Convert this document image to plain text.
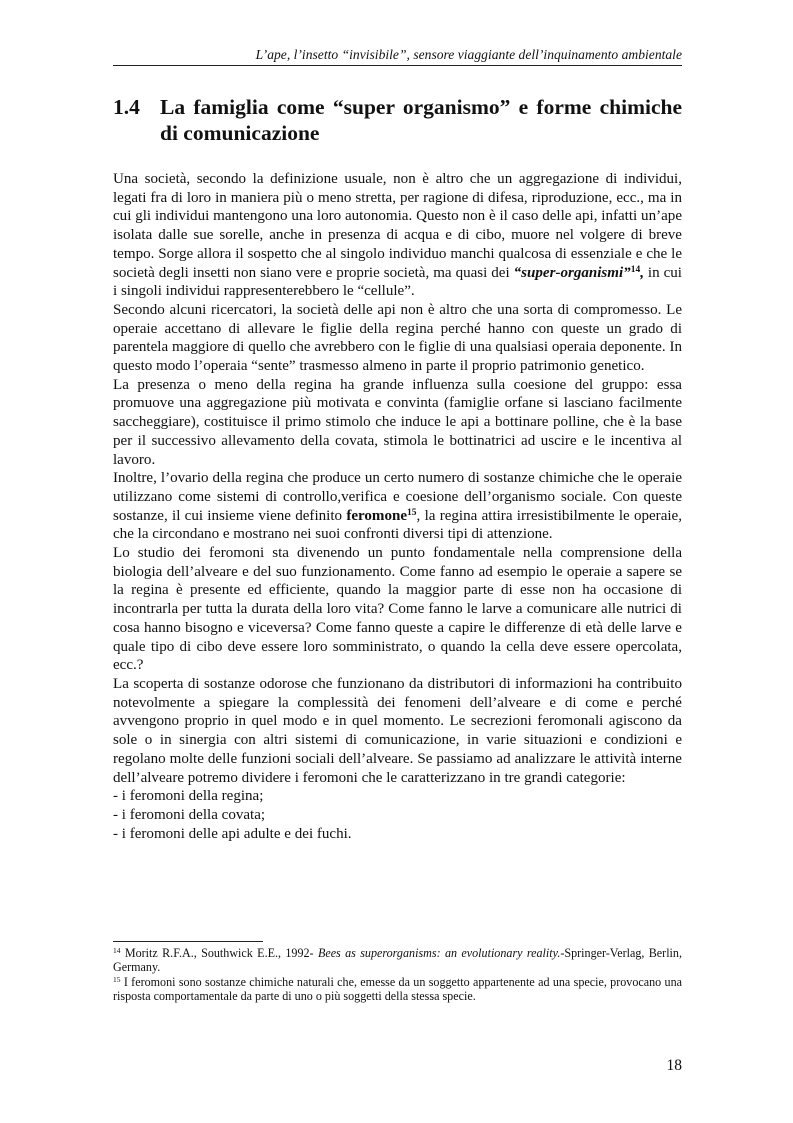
L’ape, l’insetto “invisibile”, sensore viaggiante dell’inquinamento ambientale
1.4 La famiglia come “super organismo” e forme chimiche di comunicazione

Una società, secondo la definizione usuale, non è altro che un aggregazione di individui, legati fra di loro in maniera più o meno stretta, per ragione di difesa, riproduzione, ecc., ma in cui gli individui mantengono una loro autonomia. Questo non è il caso delle api, infatti un’ape isolata dalle sue sorelle, anche in presenza di acqua e di cibo, muore nel volgere di breve tempo. Sorge allora il sospetto che al singolo individuo manchi qualcosa di essenziale e che le società degli insetti non siano vere e proprie società, ma quasi dei “super-organismi”$^{14}$, in cui i singoli individui rappresenterebbero le “cellule”.

Secondo alcuni ricercatori, la società delle api non è altro che una sorta di compromesso. Le operaie accettano di allevare le figlie della regina perché hanno con queste un grado di parentela maggiore di quello che avrebbero con le figlie di una qualsiasi operaia deponente. In questo modo l’operaia “sente” trasmesso almeno in parte il proprio patrimonio genetico.

La presenza o meno della regina ha grande influenza sulla coesione del gruppo: essa promuove una aggregazione più motivata e convinta (famiglie orfane si lasciano facilmente saccheggiare), costituisce il primo stimolo che induce le api a bottinare polline, che è la base per il successivo allevamento della covata, stimola le bottinatrici ad uscire e le incentiva al lavoro.

Inoltre, l’ovario della regina che produce un certo numero di sostanze chimiche che le operaie utilizzano come sistemi di controllo,verifica e coesione dell’organismo sociale. Con queste sostanze, il cui insieme viene definito feromone$^{15}$, la regina attira irresistibilmente le operaie, che la circondano e mostrano nei suoi confronti diversi tipi di attenzione.

Lo studio dei feromoni sta divenendo un punto fondamentale nella comprensione della biologia dell’alveare e del suo funzionamento. Come fanno ad esempio le operaie a sapere se la regina è presente ed efficiente, quando la maggior parte di esse non ha occasione di incontrarla per tutta la durata della loro vita? Come fanno le larve a comunicare alle nutrici di cosa hanno bisogno e viceversa? Come fanno queste a capire le differenze di età delle larve e quale tipo di cibo deve essere loro somministrato, o quando la cella deve essere opercolata, ecc.?

La scoperta di sostanze odorose che funzionano da distributori di informazioni ha contribuito notevolmente a spiegare la complessità dei fenomeni dell’alveare e di come e perché avvengono proprio in quel modo e in quel momento. Le secrezioni feromonali agiscono da sole o in sinergia con altri sistemi di comunicazione, in varie situazioni e condizioni e regolano molte delle funzioni sociali dell’alveare. Se passiamo ad analizzare le attività interne dell’alveare potremo dividere i feromoni che le caratterizzano in tre grandi categorie:

- i feromoni della regina;
- i feromoni della covata;
- i feromoni delle api adulte e dei fuchi.

$^{14}$ Moritz R.F.A., Southwick E.E., 1992- Bees as superorganisms: an evolutionary reality.-Springer-Verlag, Berlin, Germany.

$^{15}$ I feromoni sono sostanze chimiche naturali che, emesse da un soggetto appartenente ad una specie, provocano una risposta comportamentale da parte di uno o più soggetti della stessa specie.

18
